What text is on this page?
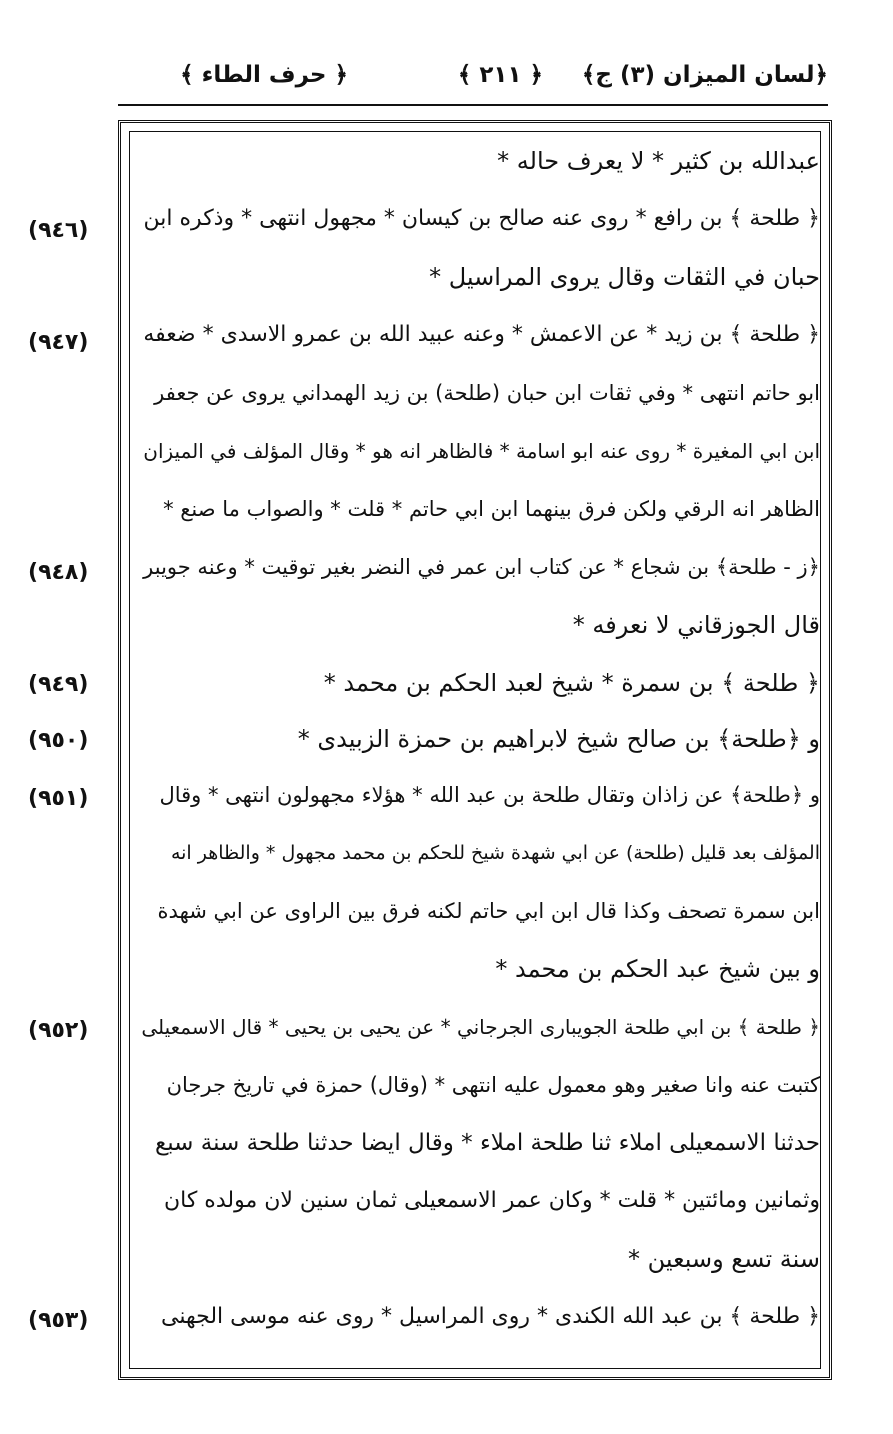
﴿لسان الميزان (٣) ج﴾
﴿ ٢١١ ﴾
﴿ حرف الطاء ﴾
(٩٤٦)
(٩٤٧)
(٩٤٨)
(٩٤٩)
(٩٥٠)
(٩٥١)
(٩٥٢)
(٩٥٣)
عبدالله بن كثير * لا يعرف حاله *
﴿ طلحة ﴾ بن رافع * روى عنه صالح بن كيسان * مجهول انتهى * وذكره ابن
حبان في الثقات وقال يروى المراسيل *
﴿ طلحة ﴾ بن زيد * عن الاعمش * وعنه عبيد الله بن عمرو الاسدى * ضعفه
ابو حاتم انتهى * وفي ثقات ابن حبان (طلحة) بن زيد الهمداني يروى عن جعفر
ابن ابي المغيرة * روى عنه ابو اسامة * فالظاهر انه هو * وقال المؤلف في الميزان
الظاهر انه الرقي ولكن فرق بينهما ابن ابي حاتم * قلت * والصواب ما صنع *
﴿ز - طلحة﴾ بن شجاع * عن كتاب ابن عمر في النضر بغير توقيت * وعنه جويبر
قال الجوزقاني لا نعرفه *
﴿ طلحة ﴾ بن سمرة * شيخ لعبد الحكم بن محمد *
و ﴿طلحة﴾ بن صالح شيخ لابراهيم بن حمزة الزبيدى *
و ﴿طلحة﴾ عن زاذان وتقال طلحة بن عبد الله * هؤلاء مجهولون انتهى * وقال
المؤلف بعد قليل (طلحة) عن ابي شهدة شيخ للحكم بن محمد مجهول * والظاهر انه
ابن سمرة تصحف وكذا قال ابن ابي حاتم لكنه فرق بين الراوى عن ابي شهدة
و بين شيخ عبد الحكم بن محمد *
﴿ طلحة ﴾ بن ابي طلحة الجويبارى الجرجاني * عن يحيى بن يحيى * قال الاسمعيلى
كتبت عنه وانا صغير وهو معمول عليه انتهى * (وقال) حمزة في تاريخ جرجان
حدثنا الاسمعيلى املاء ثنا طلحة املاء * وقال ايضا حدثنا طلحة سنة سبع
وثمانين ومائتين * قلت * وكان عمر الاسمعيلى ثمان سنين لان مولده كان
سنة تسع وسبعين *
﴿ طلحة ﴾ بن عبد الله الكندى * روى المراسيل * روى عنه موسى الجهنى
